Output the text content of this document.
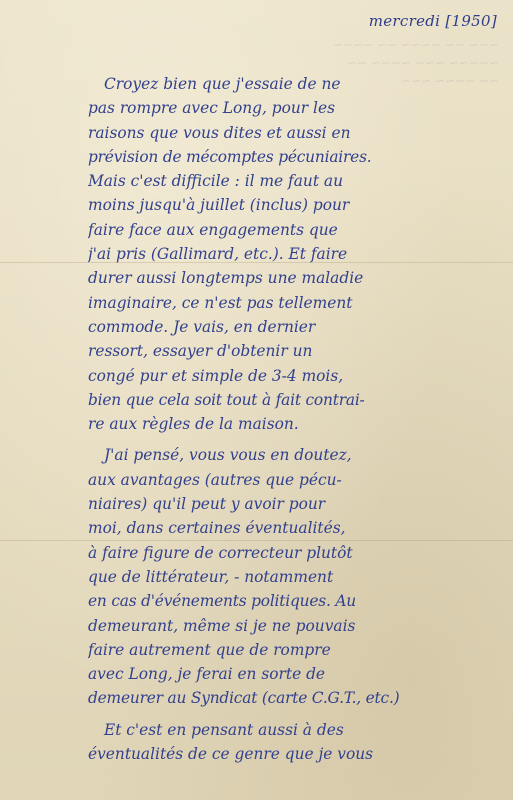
~~~ ~~ ~~~~ ~~ ~~~~
~~~~~ ~~~ ~~~~ ~~
~~ ~~~~ ~~~
mercredi [1950]
Croyez bien que j'essaie de ne
pas rompre avec Long, pour les
raisons que vous dites et aussi en
prévision de mécomptes pécuniaires.
Mais c'est difficile : il me faut au
moins jusqu'à juillet (inclus) pour
faire face aux engagements que
j'ai pris (Gallimard, etc.). Et faire
durer aussi longtemps une maladie
imaginaire, ce n'est pas tellement
commode. Je vais, en dernier
ressort, essayer d'obtenir un
congé pur et simple de 3-4 mois,
bien que cela soit tout à fait contrai-
re aux règles de la maison.
J'ai pensé, vous vous en doutez,
aux avantages (autres que pécu-
niaires) qu'il peut y avoir pour
moi, dans certaines éventualités,
à faire figure de correcteur plutôt
que de littérateur, - notamment
en cas d'événements politiques. Au
demeurant, même si je ne pouvais
faire autrement que de rompre
avec Long, je ferai en sorte de
demeurer au Syndicat (carte C.G.T., etc.)
Et c'est en pensant aussi à des
éventualités de ce genre que je vous
